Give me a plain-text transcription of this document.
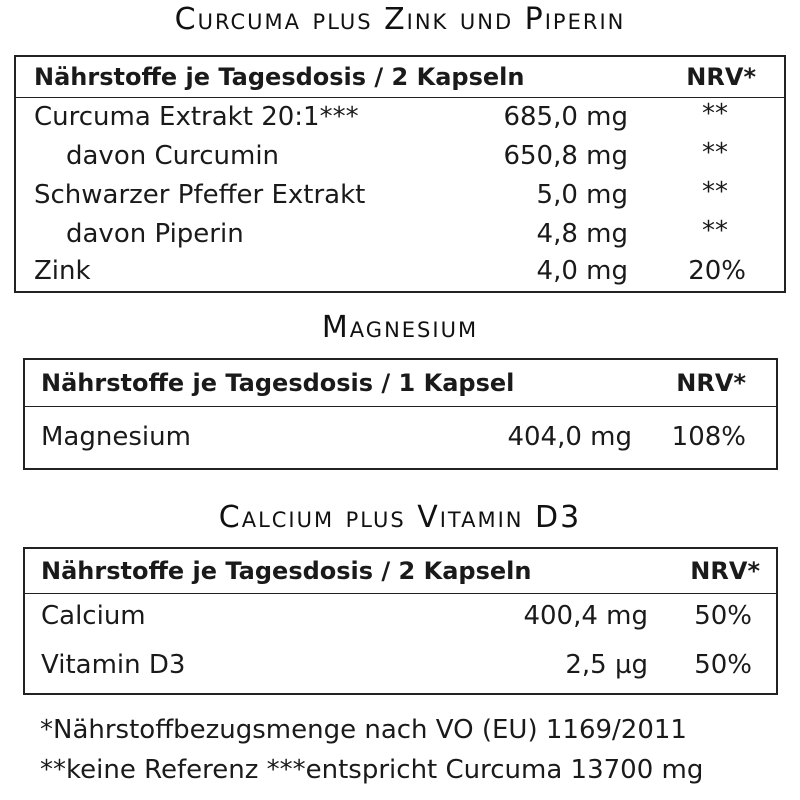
Curcuma plus Zink und Piperin
Nährstoffe je Tagesdosis / 2 Kapseln	NRV*
Curcuma Extrakt 20:1***	685,0 mg	**
davon Curcumin	650,8 mg	**
Schwarzer Pfeffer Extrakt	5,0 mg	**
davon Piperin	4,8 mg	**
Zink	4,0 mg 20%
Magnesium
Nährstoffe je Tagesdosis / 1 Kapsel	NRV*
Magnesium	404,0 mg 108%
Calcium plus Vitamin D3
Nährstoffe je Tagesdosis / 2 Kapseln	NRV*
Calcium	400,4 mg 50%
Vitamin D3	2,5 µg 50%
*Nährstoffbezugsmenge nach VO (EU) 1169/2011
**keine Referenz ***entspricht Curcuma 13700 mg
